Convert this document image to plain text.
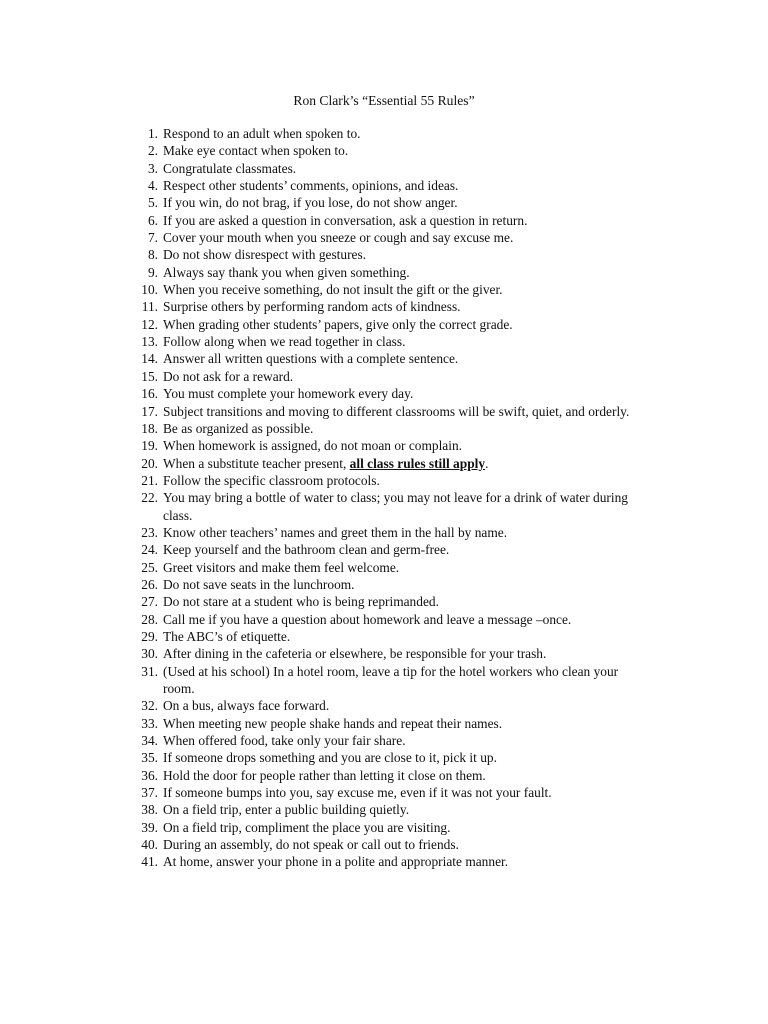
Ron Clark’s “Essential 55 Rules”
1. Respond to an adult when spoken to.
2. Make eye contact when spoken to.
3. Congratulate classmates.
4. Respect other students’ comments, opinions, and ideas.
5. If you win, do not brag, if you lose, do not show anger.
6. If you are asked a question in conversation, ask a question in return.
7. Cover your mouth when you sneeze or cough and say excuse me.
8. Do not show disrespect with gestures.
9. Always say thank you when given something.
10. When you receive something, do not insult the gift or the giver.
11. Surprise others by performing random acts of kindness.
12. When grading other students’ papers, give only the correct grade.
13. Follow along when we read together in class.
14. Answer all written questions with a complete sentence.
15. Do not ask for a reward.
16. You must complete your homework every day.
17. Subject transitions and moving to different classrooms will be swift, quiet, and orderly.
18. Be as organized as possible.
19. When homework is assigned, do not moan or complain.
20. When a substitute teacher present, all class rules still apply.
21. Follow the specific classroom protocols.
22. You may bring a bottle of water to class; you may not leave for a drink of water during class.
23. Know other teachers’ names and greet them in the hall by name.
24. Keep yourself and the bathroom clean and germ-free.
25. Greet visitors and make them feel welcome.
26. Do not save seats in the lunchroom.
27. Do not stare at a student who is being reprimanded.
28. Call me if you have a question about homework and leave a message –once.
29. The ABC’s of etiquette.
30. After dining in the cafeteria or elsewhere, be responsible for your trash.
31. (Used at his school) In a hotel room, leave a tip for the hotel workers who clean your room.
32. On a bus, always face forward.
33. When meeting new people shake hands and repeat their names.
34. When offered food, take only your fair share.
35. If someone drops something and you are close to it, pick it up.
36. Hold the door for people rather than letting it close on them.
37. If someone bumps into you, say excuse me, even if it was not your fault.
38. On a field trip, enter a public building quietly.
39. On a field trip, compliment the place you are visiting.
40. During an assembly, do not speak or call out to friends.
41. At home, answer your phone in a polite and appropriate manner.
